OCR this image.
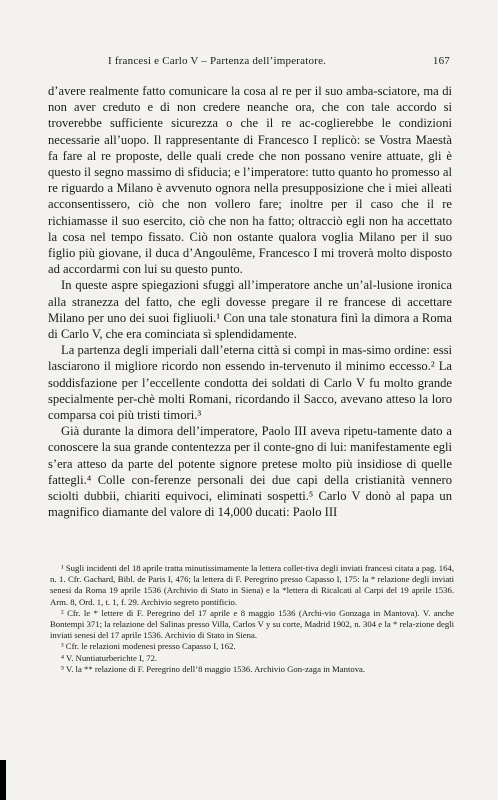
I francesi e Carlo V – Partenza dell’imperatore.	167

d’avere realmente fatto comunicare la cosa al re per il suo amba-sciatore, ma di non aver creduto e di non credere neanche ora, che con tale accordo si troverebbe sufficiente sicurezza o che il re ac-coglierebbe le condizioni necessarie all’uopo. Il rappresentante di Francesco I replicò: se Vostra Maestà fa fare al re proposte, delle quali crede che non possano venire attuate, gli è questo il segno massimo di sfiducia; e l’imperatore: tutto quanto ho promesso al re riguardo a Milano è avvenuto ognora nella presupposizione che i miei alleati acconsentissero, ciò che non vollero fare; inoltre per il caso che il re richiamasse il suo esercito, ciò che non ha fatto; oltracciò egli non ha accettato la cosa nel tempo fissato. Ciò non ostante qualora voglia Milano per il suo figlio più giovane, il duca d’Angoulême, Francesco I mi troverà molto disposto ad accordarmi con lui su questo punto.

In queste aspre spiegazioni sfuggì all’imperatore anche un’al-lusione ironica alla stranezza del fatto, che egli dovesse pregare il re francese di accettare Milano per uno dei suoi figliuoli.¹ Con una tale stonatura finì la dimora a Roma di Carlo V, che era cominciata sì splendidamente.

La partenza degli imperiali dall’eterna città si compì in mas-simo ordine: essi lasciarono il migliore ricordo non essendo in-tervenuto il minimo eccesso.² La soddisfazione per l’eccellente condotta dei soldati di Carlo V fu molto grande specialmente per-chè molti Romani, ricordando il Sacco, avevano atteso la loro comparsa coi più tristi timori.³

Già durante la dimora dell’imperatore, Paolo III aveva ripetu-tamente dato a conoscere la sua grande contentezza per il conte-gno di lui: manifestamente egli s’era atteso da parte del potente signore pretese molto più insidiose di quelle fattegli.⁴ Colle con-ferenze personali dei due capi della cristianità vennero sciolti dubbii, chiariti equivoci, eliminati sospetti.⁵ Carlo V donò al papa un magnifico diamante del valore di 14,000 ducati: Paolo III

¹ Sugli incidenti del 18 aprile tratta minutissimamente la lettera collet-tiva degli inviati francesi citata a pag. 164, n. 1. Cfr. Gachard, Bibl. de Paris I, 476; la lettera di F. Peregrino presso Capasso I, 175: la * relazione degli inviati senesi da Roma 19 aprile 1536 (Archivio di Stato in Siena) e la *lettera di Ricalcati al Carpi del 19 aprile 1536. Arm. 8, Ord. 1, t. 1, f. 29. Archivio segreto pontificio.

² Cfr. le * lettere di F. Peregrino del 17 aprile e 8 maggio 1536 (Archi-vio Gonzaga in Mantova). V. anche Bontempi 371; la relazione del Salinas presso Villa, Carlos V y su corte, Madrid 1902, n. 304 e la * rela-zione degli inviati senesi del 17 aprile 1536. Archivio di Stato in Siena.

³ Cfr. le relazioni modenesi presso Capasso I, 162.

⁴ V. Nuntiaturberichte I, 72.

⁵ V. la ** relazione di F. Peregrino dell’8 maggio 1536. Archivio Gon-zaga in Mantova.
